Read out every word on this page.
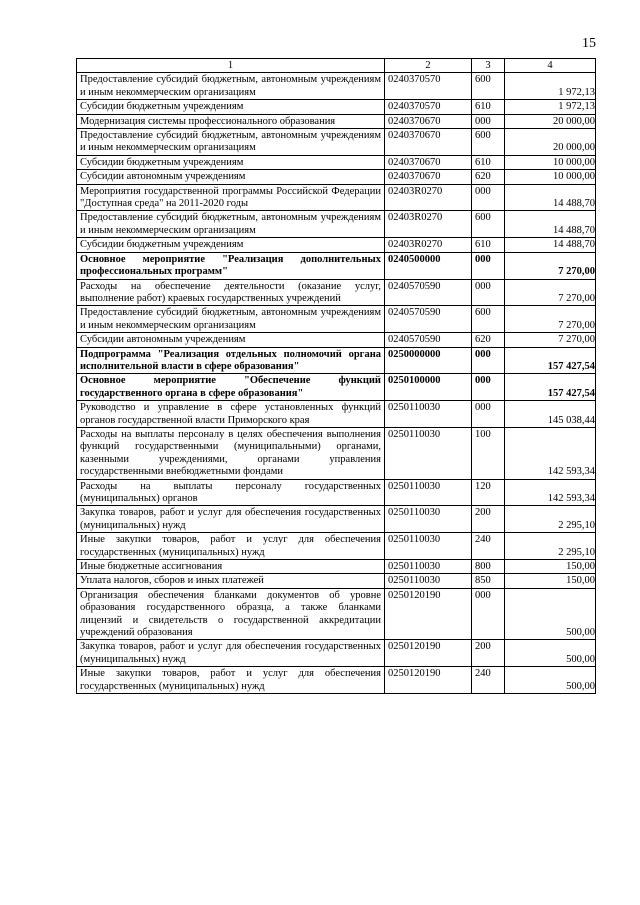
15
1	2	3	4
Предоставление субсидий бюджетным, автономным учреждениям и иным некоммерческим организациям	0240370570	600	1 972,13
Субсидии бюджетным учреждениям	0240370570	610	1 972,13
Модернизация системы профессионального образования	0240370670	000	20 000,00
Предоставление субсидий бюджетным, автономным учреждениям и иным некоммерческим организациям	0240370670	600	20 000,00
Субсидии бюджетным учреждениям	0240370670	610	10 000,00
Субсидии автономным учреждениям	0240370670	620	10 000,00
Мероприятия государственной программы Российской Федерации "Доступная среда" на 2011-2020 годы	02403R0270	000	14 488,70
Предоставление субсидий бюджетным, автономным учреждениям и иным некоммерческим организациям	02403R0270	600	14 488,70
Субсидии бюджетным учреждениям	02403R0270	610	14 488,70
Основное мероприятие "Реализация дополнительных профессиональных программ"	0240500000	000	7 270,00
Расходы на обеспечение деятельности (оказание услуг, выполнение работ) краевых государственных учреждений	0240570590	000	7 270,00
Предоставление субсидий бюджетным, автономным учреждениям и иным некоммерческим организациям	0240570590	600	7 270,00
Субсидии автономным учреждениям	0240570590	620	7 270,00
Подпрограмма "Реализация отдельных полномочий органа исполнительной власти в сфере образования"	0250000000	000	157 427,54
Основное мероприятие "Обеспечение функций государственного органа в сфере образования"	0250100000	000	157 427,54
Руководство и управление в сфере установленных функций органов государственной власти Приморского края	0250110030	000	145 038,44
Расходы на выплаты персоналу в целях обеспечения выполнения функций государственными (муниципальными) органами, казенными учреждениями, органами управления государственными внебюджетными фондами	0250110030	100	142 593,34
Расходы на выплаты персоналу государственных (муниципальных) органов	0250110030	120	142 593,34
Закупка товаров, работ и услуг для обеспечения государственных (муниципальных) нужд	0250110030	200	2 295,10
Иные закупки товаров, работ и услуг для обеспечения государственных (муниципальных) нужд	0250110030	240	2 295,10
Иные бюджетные ассигнования	0250110030	800	150,00
Уплата налогов, сборов и иных платежей	0250110030	850	150,00
Организация обеспечения бланками документов об уровне образования государственного образца, а также бланками лицензий и свидетельств о государственной аккредитации учреждений образования	0250120190	000	500,00
Закупка товаров, работ и услуг для обеспечения государственных (муниципальных) нужд	0250120190	200	500,00
Иные закупки товаров, работ и услуг для обеспечения государственных (муниципальных) нужд	0250120190	240	500,00
